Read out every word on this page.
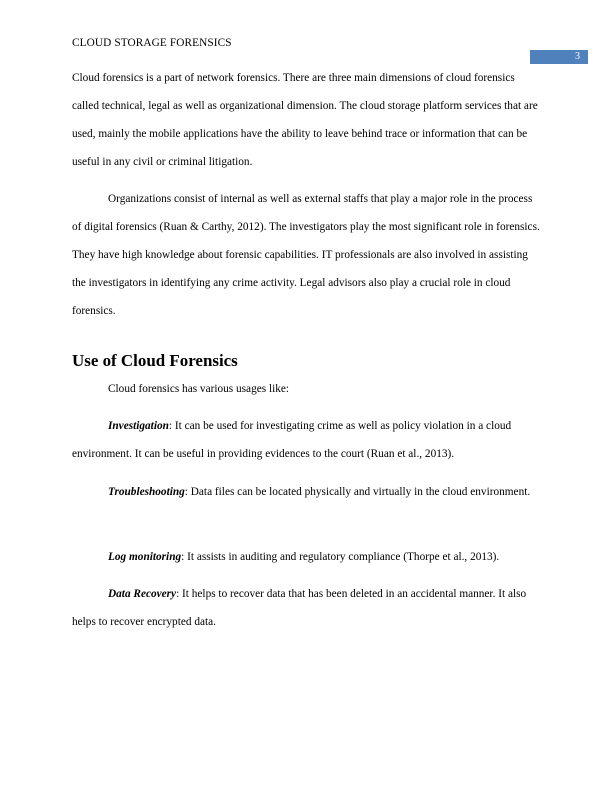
CLOUD STORAGE FORENSICS
3

Cloud forensics is a part of network forensics. There are three main dimensions of cloud forensics called technical, legal as well as organizational dimension. The cloud storage platform services that are used, mainly the mobile applications have the ability to leave behind trace or information that can be useful in any civil or criminal litigation.

Organizations consist of internal as well as external staffs that play a major role in the process of digital forensics (Ruan & Carthy, 2012). The investigators play the most significant role in forensics. They have high knowledge about forensic capabilities. IT professionals are also involved in assisting the investigators in identifying any crime activity. Legal advisors also play a crucial role in cloud forensics.

Use of Cloud Forensics

Cloud forensics has various usages like:

Investigation: It can be used for investigating crime as well as policy violation in a cloud environment. It can be useful in providing evidences to the court (Ruan et al., 2013).

Troubleshooting: Data files can be located physically and virtually in the cloud environment.

Log monitoring: It assists in auditing and regulatory compliance (Thorpe et al., 2013).

Data Recovery: It helps to recover data that has been deleted in an accidental manner. It also helps to recover encrypted data.
